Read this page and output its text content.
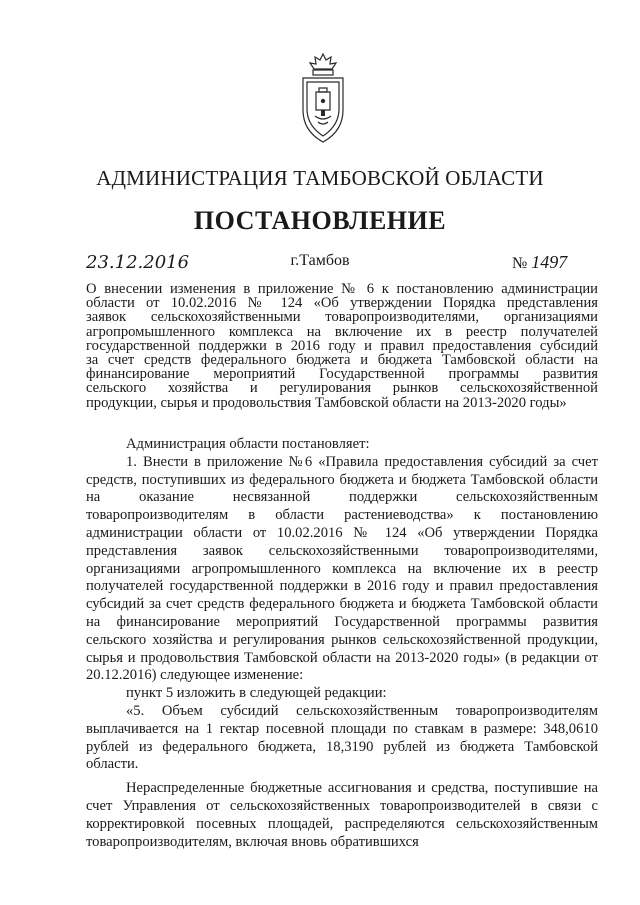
АДМИНИСТРАЦИЯ ТАМБОВСКОЙ ОБЛАСТИ
ПОСТАНОВЛЕНИЕ
23.12.2016	г.Тамбов	№ 1497
О внесении изменения в приложение № 6 к постановлению администрации
области от 10.02.2016 № 124 «Об утверждении Порядка представления
заявок сельскохозяйственными товаропроизводителями, организациями
агропромышленного комплекса на включение их в реестр получателей
государственной поддержки в 2016 году и правил предоставления субсидий
за счет средств федерального бюджета и бюджета Тамбовской области на
финансирование мероприятий Государственной программы развития
сельского хозяйства и регулирования рынков сельскохозяйственной
продукции, сырья и продовольствия Тамбовской области на 2013-2020 годы»

Администрация области постановляет:

1. Внести в приложение №6 «Правила предоставления субсидий за счет средств, поступивших из федерального бюджета и бюджета Тамбовской области на оказание несвязанной поддержки сельскохозяйственным товаропроизводителям в области растениеводства» к постановлению администрации области от 10.02.2016 № 124 «Об утверждении Порядка представления заявок сельскохозяйственными товаропроизводителями, организациями агропромышленного комплекса на включение их в реестр получателей государственной поддержки в 2016 году и правил предоставления субсидий за счет средств федерального бюджета и бюджета Тамбовской области на финансирование мероприятий Государственной программы развития сельского хозяйства и регулирования рынков сельскохозяйственной продукции, сырья и продовольствия Тамбовской области на 2013-2020 годы» (в редакции от 20.12.2016) следующее изменение:

пункт 5 изложить в следующей редакции:

«5. Объем субсидий сельскохозяйственным товаропроизводителям выплачивается на 1 гектар посевной площади по ставкам в размере: 348,0610 рублей из федерального бюджета, 18,3190 рублей из бюджета Тамбовской области.

Нераспределенные бюджетные ассигнования и средства, поступившие на счет Управления от сельскохозяйственных товаропроизводителей в связи с корректировкой посевных площадей, распределяются сельскохозяйственным товаропроизводителям, включая вновь обратившихся
